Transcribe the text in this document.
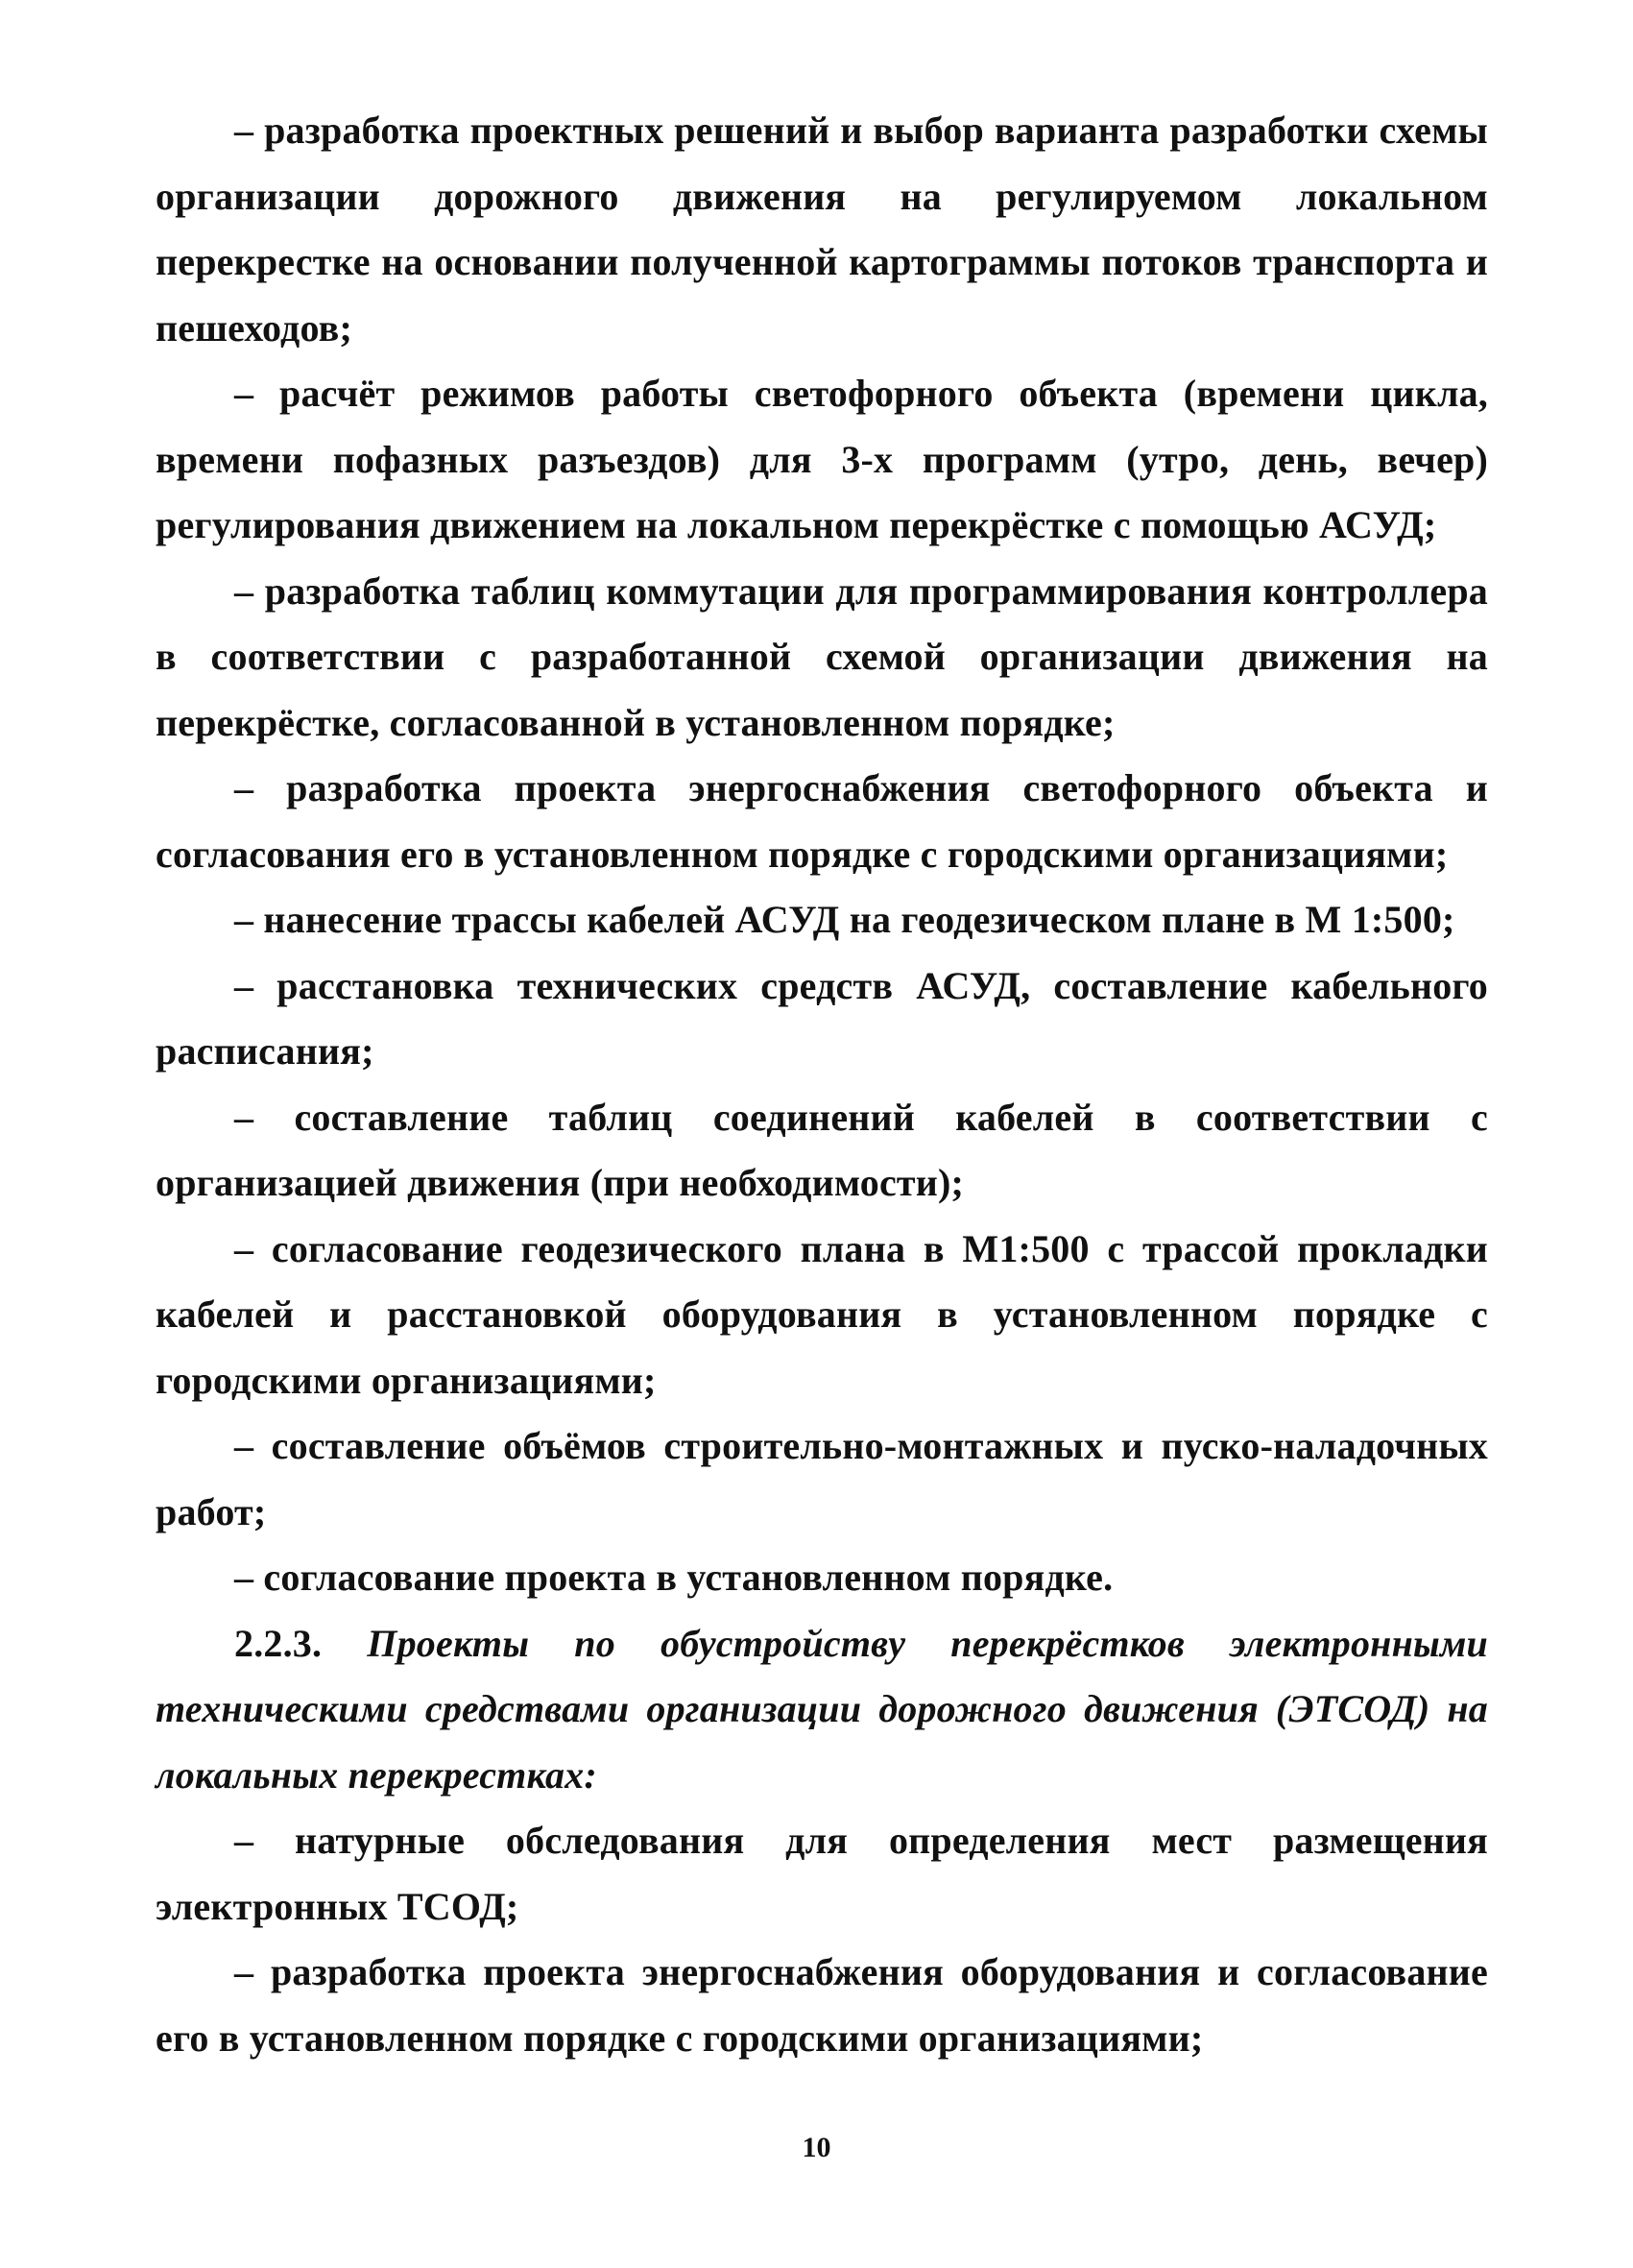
– разработка проектных решений и выбор варианта разработки схемы организации дорожного движения на регулируемом локальном перекрестке на основании полученной картограммы потоков транспорта и пешеходов;

– расчёт режимов работы светофорного объекта (времени цикла, времени пофазных разъездов) для 3-х программ (утро, день, вечер) регулирования движением на локальном перекрёстке с помощью АСУД;

– разработка таблиц коммутации для программирования контроллера в соответствии с разработанной схемой организации движения на перекрёстке, согласованной в установленном порядке;

– разработка проекта энергоснабжения светофорного объекта и согласования его в установленном порядке с городскими организациями;

– нанесение трассы кабелей АСУД на геодезическом плане в М 1:500;

– расстановка технических средств АСУД, составление кабельного расписания;

– составление таблиц соединений кабелей в соответствии с организацией движения (при необходимости);

– согласование геодезического плана в М1:500 с трассой прокладки кабелей и расстановкой оборудования в установленном порядке с городскими организациями;

– составление объёмов строительно-монтажных и пуско-наладочных работ;

– согласование проекта в установленном порядке.

2.2.3. Проекты по обустройству перекрёстков электронными техническими средствами организации дорожного движения (ЭТСОД) на локальных перекрестках:

– натурные обследования для определения мест размещения электронных ТСОД;

– разработка проекта энергоснабжения оборудования и согласование его в установленном порядке с городскими организациями;

10
